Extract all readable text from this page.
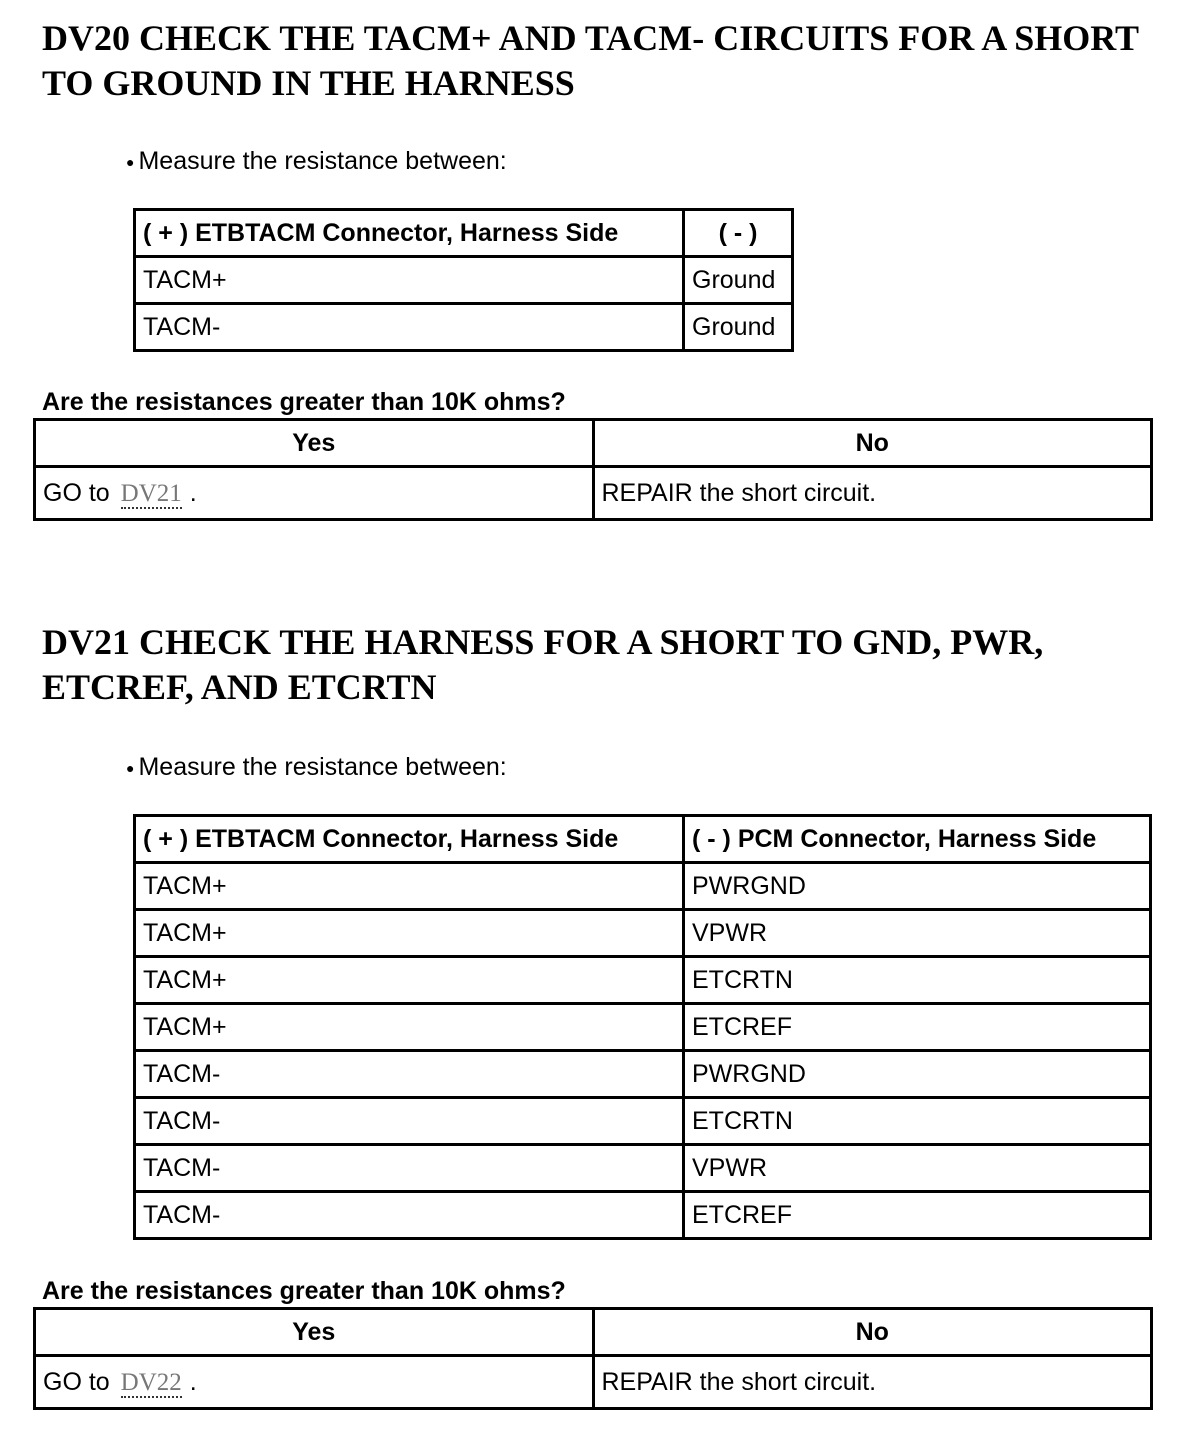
DV20 CHECK THE TACM+ AND TACM- CIRCUITS FOR A SHORT TO GROUND IN THE HARNESS
● Measure the resistance between:
( + ) ETBTACM Connector, Harness Side	( - )
TACM+	Ground
TACM-	Ground
Are the resistances greater than 10K ohms?
Yes	No
GO to DV21 .	REPAIR the short circuit.
DV21 CHECK THE HARNESS FOR A SHORT TO GND, PWR, ETCREF, AND ETCRTN
● Measure the resistance between:
( + ) ETBTACM Connector, Harness Side	( - ) PCM Connector, Harness Side
TACM+	PWRGND
TACM+	VPWR
TACM+	ETCRTN
TACM+	ETCREF
TACM-	PWRGND
TACM-	ETCRTN
TACM-	VPWR
TACM-	ETCREF
Are the resistances greater than 10K ohms?
Yes	No
GO to DV22 .	REPAIR the short circuit.
